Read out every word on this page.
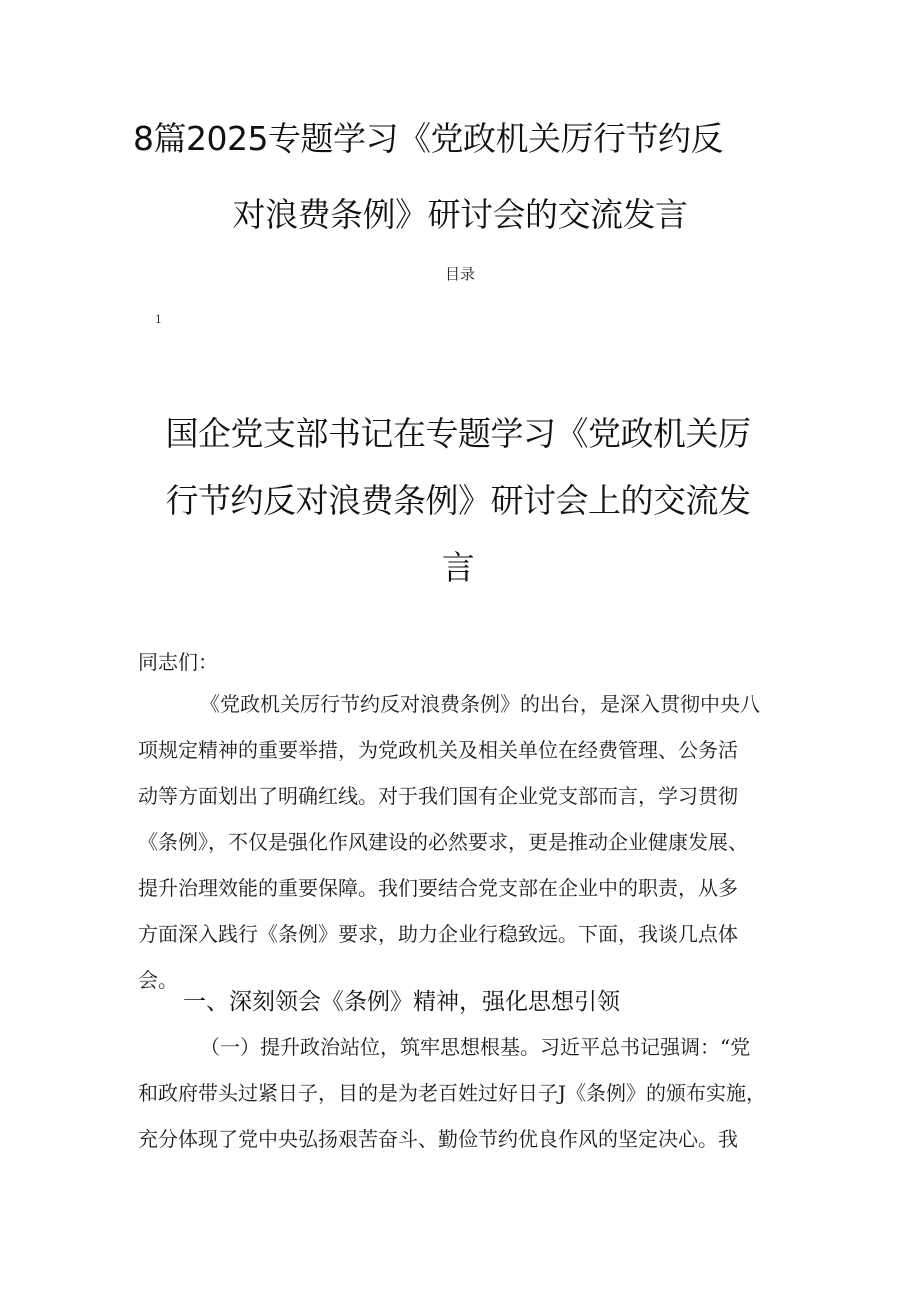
8篇2025专题学习《党政机关厉行节约反
对浪费条例》研讨会的交流发言
目录
1
国企党支部书记在专题学习《党政机关厉
行节约反对浪费条例》研讨会上的交流发
言
同志们：
《党政机关厉行节约反对浪费条例》的出台，是深入贯彻中央八
项规定精神的重要举措，为党政机关及相关单位在经费管理、公务活
动等方面划出了明确红线。对于我们国有企业党支部而言，学习贯彻
《条例》，不仅是强化作风建设的必然要求，更是推动企业健康发展、
提升治理效能的重要保障。我们要结合党支部在企业中的职责，从多
方面深入践行《条例》要求，助力企业行稳致远。下面，我谈几点体
会。
一、深刻领会《条例》精神，强化思想引领
（一）提升政治站位，筑牢思想根基。习近平总书记强调：“党
和政府带头过紧日子，目的是为老百姓过好日子J《条例》的颁布实施，
充分体现了党中央弘扬艰苦奋斗、勤俭节约优良作风的坚定决心。我
